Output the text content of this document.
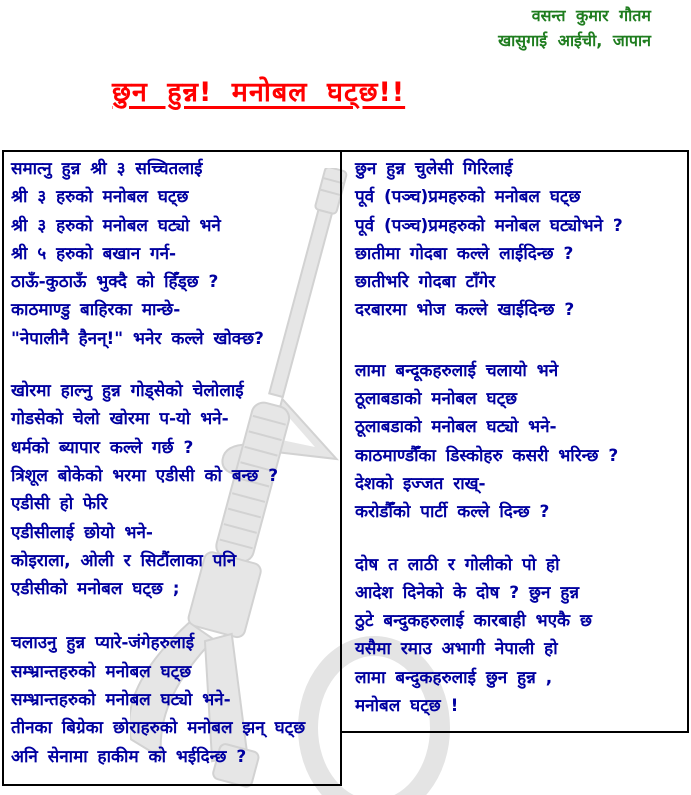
वसन्त कुमार गौतम
खासुगाई आईची, जापान
छुन हुन्न! मनोबल घट्छ!!
समात्नु हुन्न श्री ३ सच्चितलाई
श्री ३ हरुको मनोबल घट्छ
श्री ३ हरुको मनोबल घट्यो भने
श्री ५ हरुको बखान गर्न-
ठाऊँ-कुठाऊँ भुक्दै को हिँड्छ ?
काठमाण्डु बाहिरका मान्छे-
"नेपालीनै हैनन्!" भनेर कल्ले खोक्छ?
खोरमा हाल्नु हुन्न गोड्सेको चेलोलाई
गोडसेको चेलो खोरमा प-यो भने-
धर्मको ब्यापार कल्ले गर्छ ?
त्रिशूल बोकेको भरमा एडीसी को बन्छ ?
एडीसी हो फेरि
एडीसीलाई छोयो भने-
कोइराला, ओली र सिटौंलाका पनि
एडीसीको मनोबल घट्छ ;
चलाउनु हुन्न प्यारे-जंगेहरुलाई
सम्भ्रान्तहरुको मनोबल घट्छ
सम्भ्रान्तहरुको मनोबल घट्यो भने-
तीनका बिग्रेका छोराहरुको मनोबल झन् घट्छ
अनि सेनामा हाकीम को भईदिन्छ ?
छुन हुन्न चुलेसी गिरिलाई
पूर्व (पञ्च)प्रमहरुको मनोबल घट्छ
पूर्व (पञ्च)प्रमहरुको मनोबल घट्योभने ?
छातीमा गोदबा कल्ले लाईदिन्छ ?
छातीभरि गोदबा टाँगेर
दरबारमा भोज कल्ले खाईदिन्छ ?
लामा बन्दूकहरुलाई चलायो भने
ठूलाबडाको मनोबल घट्छ
ठूलाबडाको मनोबल घट्यो भने-
काठमाण्डौँका डिस्कोहरु कसरी भरिन्छ ?
देशको इज्जत राख्-
करोडौँको पार्टी कल्ले दिन्छ ?
दोष त लाठी र गोलीको पो हो
आदेश दिनेको के दोष ? छुन हुन्न
ठुटे बन्दुकहरुलाई कारबाही भएकै छ
यसैमा रमाउ अभागी नेपाली हो
लामा बन्दुकहरुलाई छुन हुन्न ,
मनोबल घट्छ !
